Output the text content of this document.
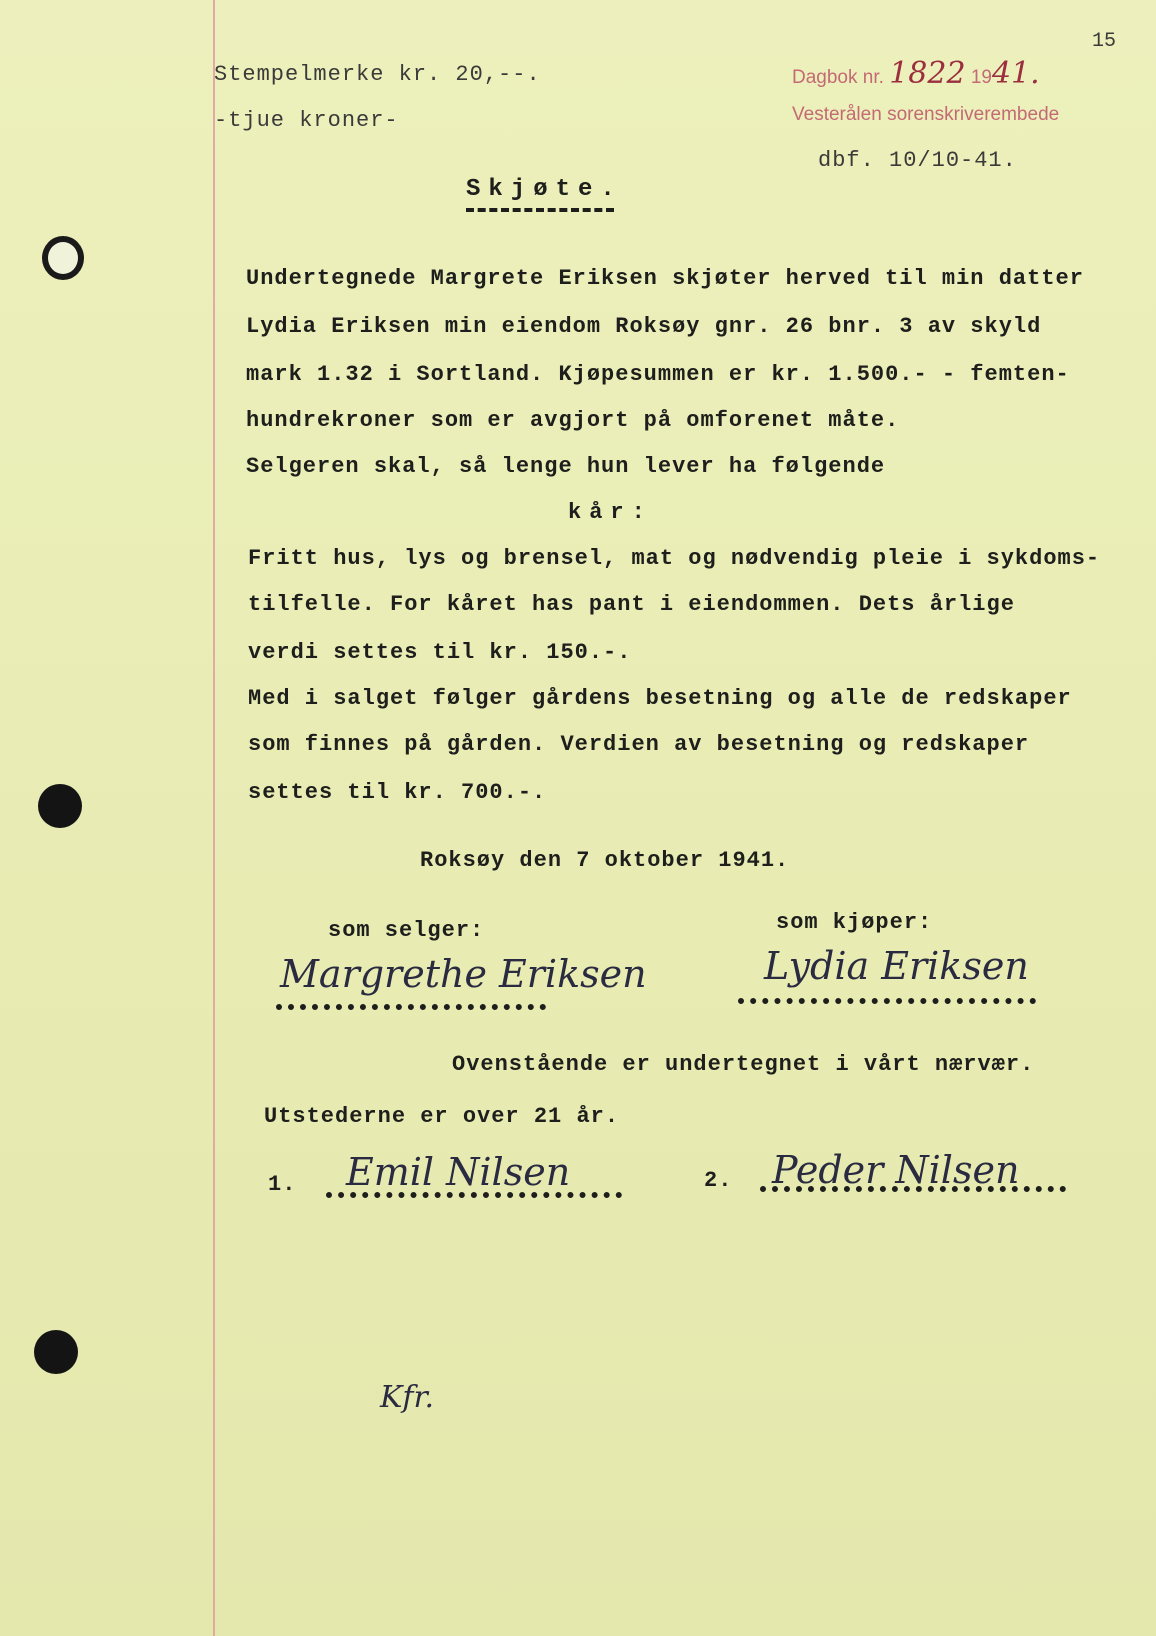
15
Stempelmerke kr. 20,--.
-tjue kroner-
Dagbok nr. 1822 1941.
Vesterålen sorenskriverembede
dbf. 10/10-41.
Skjøte.
Undertegnede Margrete Eriksen skjøter herved til min datter
Lydia Eriksen min eiendom Roksøy gnr. 26 bnr. 3 av skyld
mark 1.32 i Sortland. Kjøpesummen er kr. 1.500.- - femten-
hundrekroner som er avgjort på omforenet måte.
Selgeren skal, så lenge hun lever ha følgende
kår:
Fritt hus, lys og brensel, mat og nødvendig pleie i sykdoms-
tilfelle. For kåret has pant i eiendommen. Dets årlige
verdi settes til kr. 150.-.
Med i salget følger gårdens besetning og alle de redskaper
som finnes på gården. Verdien av besetning og redskaper
settes til kr. 700.-.
Roksøy den 7 oktober 1941.
som selger:	som kjøper:
Margrethe Eriksen	Lydia Eriksen
Ovenstående er undertegnet i vårt nærvær.
Utstederne er over 21 år.
1. Emil Nilsen	2. Peder Nilsen
Kfr.
